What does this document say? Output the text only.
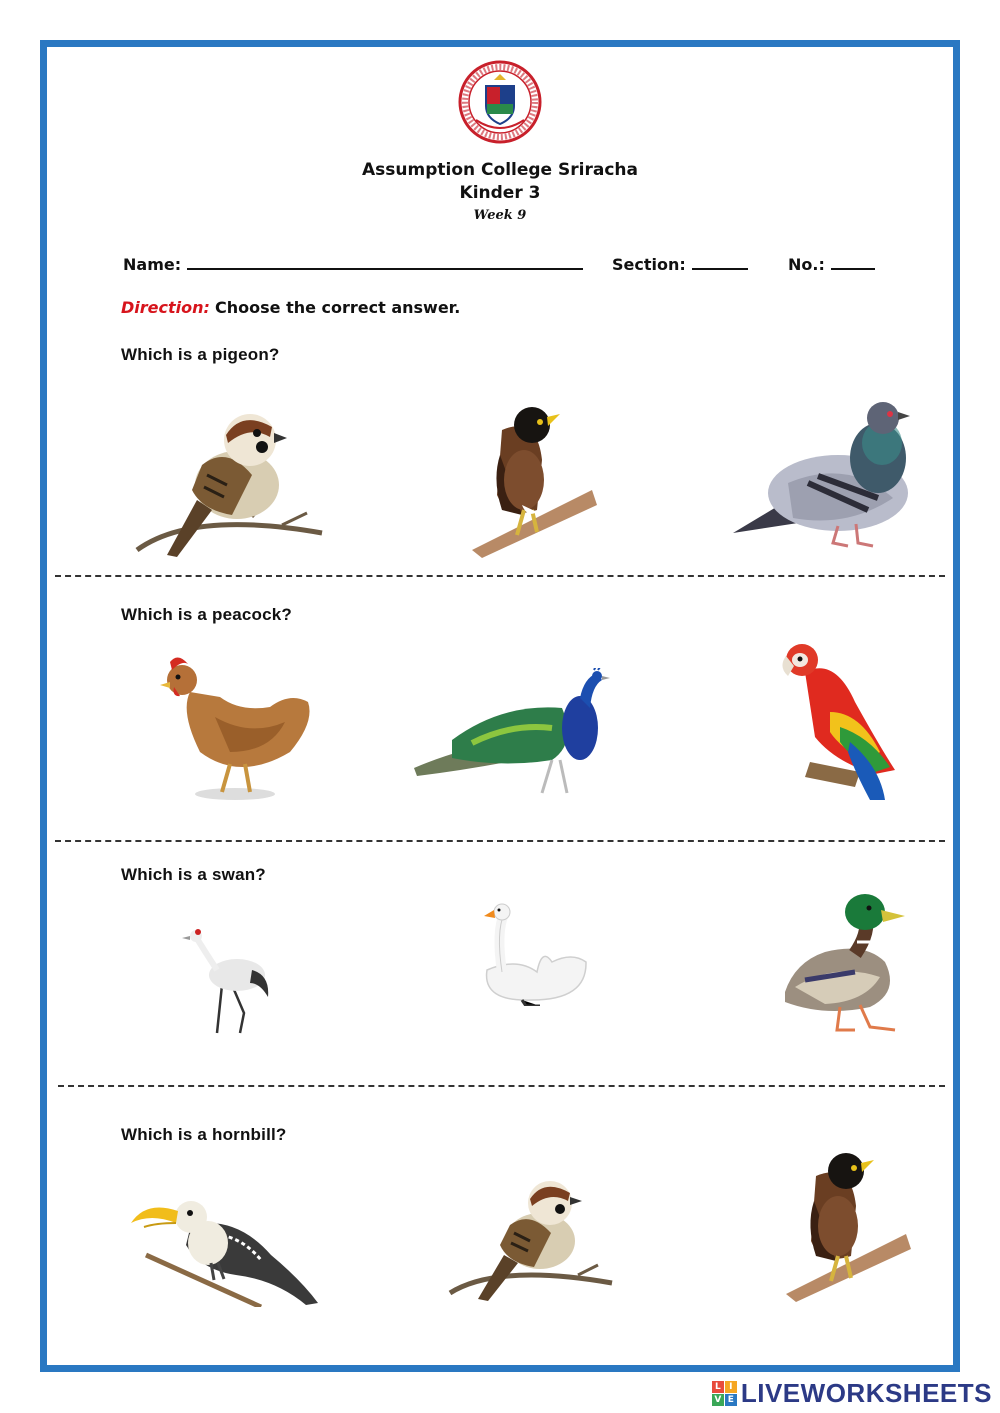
Assumption College Sriracha
Kinder 3
Week 9
Name:	Section:	No.:
Direction: Choose the correct answer.
Which is a pigeon?
Which is a peacock?
Which is a swan?
Which is a hornbill?
L I
V E LIVEWORKSHEETS
